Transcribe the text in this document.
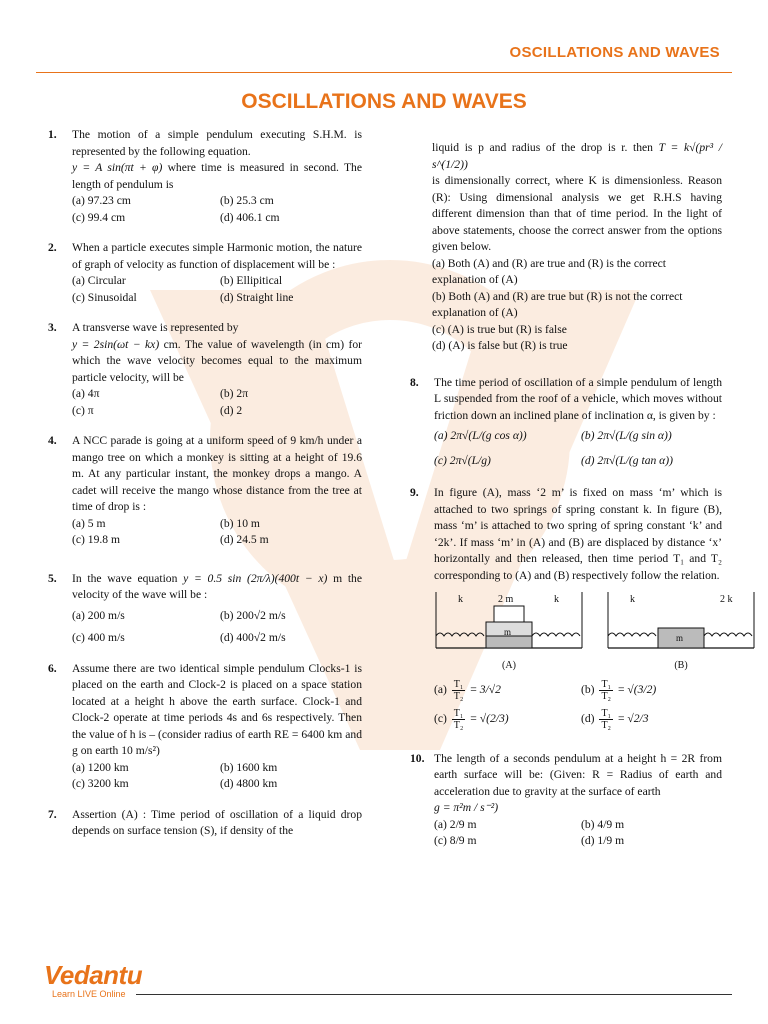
OSCILLATIONS AND WAVES
OSCILLATIONS AND WAVES
1. The motion of a simple pendulum executing S.H.M. is represented by the following equation.
y = A sin(πt + φ) where time is measured in second. The length of pendulum is

(a) 97.23 cm	(b) 25.3 cm
(c) 99.4 cm	(d) 406.1 cm
2. When a particle executes simple Harmonic motion, the nature of graph of velocity as function of displacement will be :

(a) Circular	(b) Ellipitical
(c) Sinusoidal	(d) Straight line
3. A transverse wave is represented by
y = 2sin(ωt − kx) cm. The value of wavelength (in cm) for which the wave velocity becomes equal to the maximum particle velocity, will be

(a) 4π	(b) 2π
(c) π	(d) 2
4. A NCC parade is going at a uniform speed of 9 km/h under a mango tree on which a monkey is sitting at a height of 19.6 m. At any particular instant, the monkey drops a mango. A cadet will receive the mango whose distance from the tree at time of drop is :

(a) 5 m	(b) 10 m
(c) 19.8 m	(d) 24.5 m
5. In the wave equation y = 0.5 sin (2π/λ)(400t − x) m the velocity of the wave will be :

(a) 200 m/s	(b) 200√2 m/s
(c) 400 m/s	(d) 400√2 m/s
6. Assume there are two identical simple pendulum Clocks-1 is placed on the earth and Clock-2 is placed on a space station located at a height h above the earth surface. Clock-1 and Clock-2 operate at time periods 4s and 6s respectively. Then the value of h is – (consider radius of earth RE = 6400 km and g on earth 10 m/s²)

(a) 1200 km	(b) 1600 km
(c) 3200 km	(d) 4800 km
7. Assertion (A) : Time period of oscillation of a liquid drop depends on surface tension (S), if density of the

liquid is p and radius of the drop is r. then T = k√(pr³ / s^(1/2))

is dimensionally correct, where K is dimensionless. Reason (R): Using dimensional analysis we get R.H.S having different dimension than that of time period. In the light of above statements, choose the correct answer from the options given below.

(a) Both (A) and (R) are true and (R) is the correct explanation of (A)
(b) Both (A) and (R) are true but (R) is not the correct explanation of (A)
(c) (A) is true but (R) is false
(d) (A) is false but (R) is true
8. The time period of oscillation of a simple pendulum of length L suspended from the roof of a vehicle, which moves without friction down an inclined plane of inclination α, is given by :

(a) 2π√(L/(g cos α))	(b) 2π√(L/(g sin α))
(c) 2π√(L/g)	(d) 2π√(L/(g tan α))
9. In figure (A), mass ‘2 m’ is fixed on mass ‘m’ which is attached to two springs of spring constant k. In figure (B), mass ‘m’ is attached to two spring of spring constant ‘k’ and ‘2k’. If mass ‘m’ in (A) and (B) are displaced by distance ‘x’ horizontally and then released, then time period T₁ and T₂ corresponding to (A) and (B) respectively follow the relation.

k	2 m
m
k
(A)
k
m
2 k
(B)
$(a) \frac{\text{T₁}}{\text{T₂}} = 3/√2$	$(b) \frac{\text{T₁}}{\text{T₂}} = √(3/2)$
$(c) \frac{\text{T₁}}{\text{T₂}} = √(2/3)$	$(d) \frac{\text{T₁}}{\text{T₂}} = √2/3$
10. The length of a seconds pendulum at a height h = 2R from earth surface will be: (Given: R = Radius of earth and acceleration due to gravity at the surface of earth
g = π²m / s⁻²)

(a) 2/9 m	(b) 4/9 m
(c) 8/9 m	(d) 1/9 m
Vedantu
Learn LIVE Online
